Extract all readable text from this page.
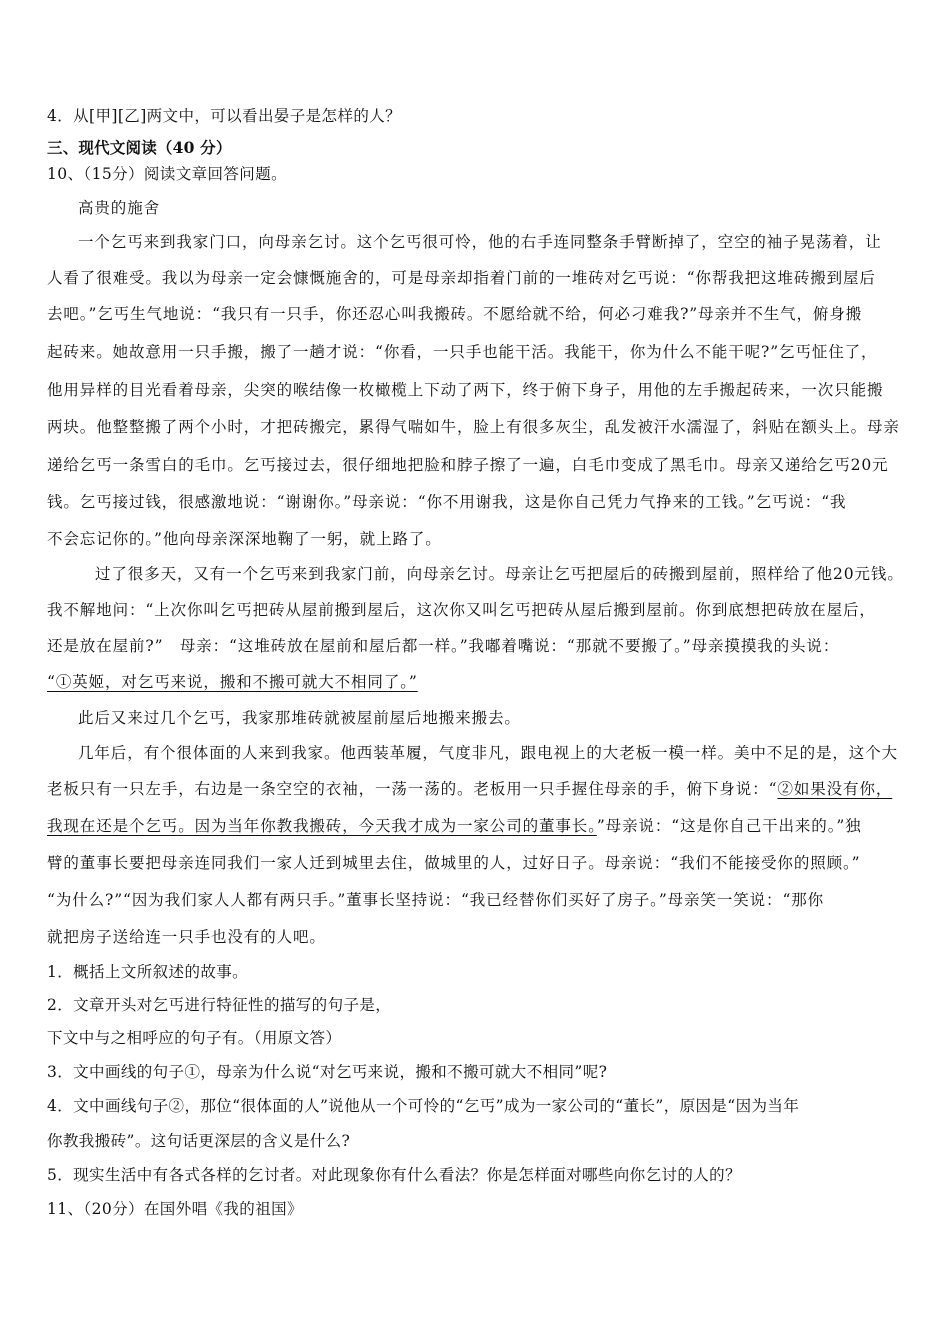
4．从[甲][乙]两文中，可以看出晏子是怎样的人？
三、现代文阅读（40 分）
10、（15分）阅读文章回答问题。
高贵的施舍
一个乞丐来到我家门口，向母亲乞讨。这个乞丐很可怜，他的右手连同整条手臂断掉了，空空的袖子晃荡着，让
人看了很难受。我以为母亲一定会慷慨施舍的，可是母亲却指着门前的一堆砖对乞丐说：“你帮我把这堆砖搬到屋后
去吧。”乞丐生气地说：“我只有一只手，你还忍心叫我搬砖。不愿给就不给，何必刁难我?”母亲并不生气，俯身搬
起砖来。她故意用一只手搬，搬了一趟才说：“你看，一只手也能干活。我能干，你为什么不能干呢?”乞丐怔住了，
他用异样的目光看着母亲，尖突的喉结像一枚橄榄上下动了两下，终于俯下身子，用他的左手搬起砖来，一次只能搬
两块。他整整搬了两个小时，才把砖搬完，累得气喘如牛，脸上有很多灰尘，乱发被汗水濡湿了，斜贴在额头上。母亲
递给乞丐一条雪白的毛巾。乞丐接过去，很仔细地把脸和脖子擦了一遍，白毛巾变成了黑毛巾。母亲又递给乞丐20元
钱。乞丐接过钱，很感激地说：“谢谢你。”母亲说：“你不用谢我，这是你自己凭力气挣来的工钱。”乞丐说：“我
不会忘记你的。”他向母亲深深地鞠了一躬，就上路了。
过了很多天，又有一个乞丐来到我家门前，向母亲乞讨。母亲让乞丐把屋后的砖搬到屋前，照样给了他20元钱。
我不解地问：“上次你叫乞丐把砖从屋前搬到屋后，这次你又叫乞丐把砖从屋后搬到屋前。你到底想把砖放在屋后，
还是放在屋前?”　母亲：“这堆砖放在屋前和屋后都一样。”我嘟着嘴说：“那就不要搬了。”母亲摸摸我的头说：
“①英姬，对乞丐来说，搬和不搬可就大不相同了。”
此后又来过几个乞丐，我家那堆砖就被屋前屋后地搬来搬去。
几年后，有个很体面的人来到我家。他西装革履，气度非凡，跟电视上的大老板一模一样。美中不足的是，这个大
老板只有一只左手，右边是一条空空的衣袖，一荡一荡的。老板用一只手握住母亲的手，俯下身说：“②如果没有你，
我现在还是个乞丐。因为当年你教我搬砖，今天我才成为一家公司的董事长。”母亲说：“这是你自己干出来的。”独
臂的董事长要把母亲连同我们一家人迁到城里去住，做城里的人，过好日子。母亲说：“我们不能接受你的照顾。”
“为什么?”“因为我们家人人都有两只手。”董事长坚持说：“我已经替你们买好了房子。”母亲笑一笑说：“那你
就把房子送给连一只手也没有的人吧。
1．概括上文所叙述的故事。
2．文章开头对乞丐进行特征性的描写的句子是，
下文中与之相呼应的句子有。（用原文答）
3．文中画线的句子①，母亲为什么说“对乞丐来说，搬和不搬可就大不相同”呢?
4．文中画线句子②，那位“很体面的人”说他从一个可怜的“乞丐”成为一家公司的“董长”，原因是“因为当年
你教我搬砖”。这句话更深层的含义是什么?
5．现实生活中有各式各样的乞讨者。对此现象你有什么看法？你是怎样面对哪些向你乞讨的人的？
11、（20分）在国外唱《我的祖国》
